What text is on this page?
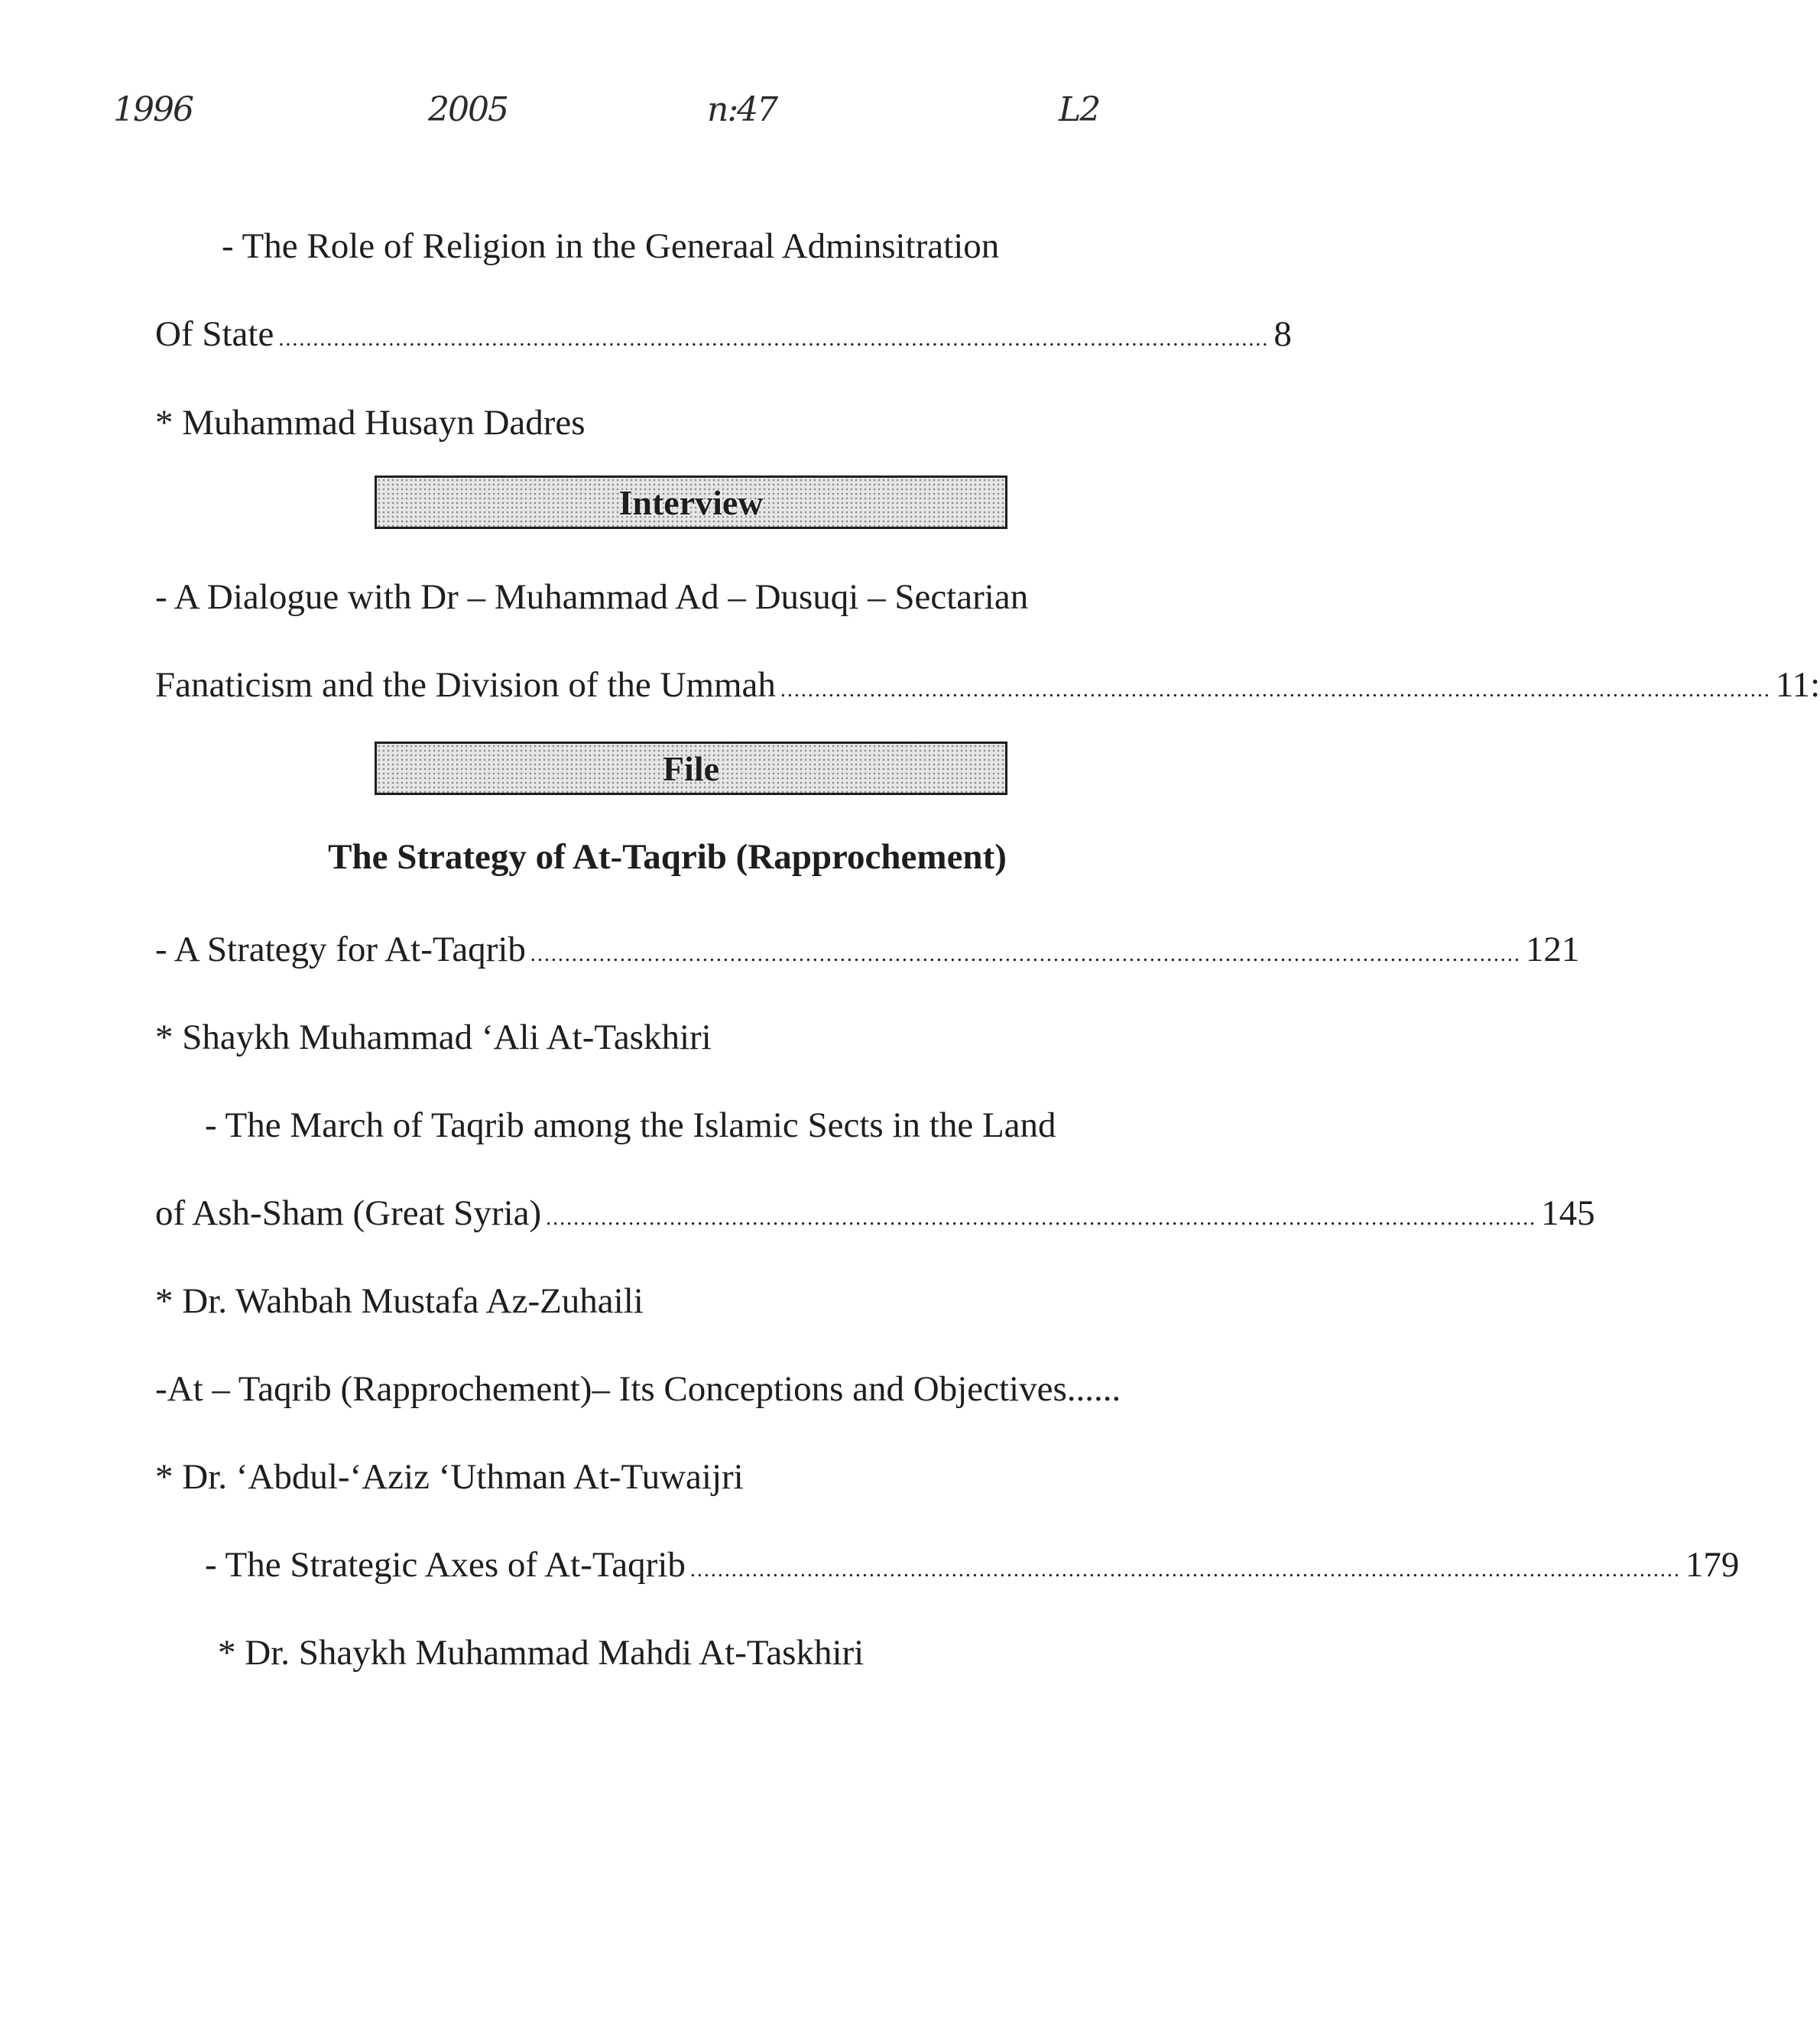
1996	2005	n:47	L2
- The Role of Religion in the Generaal Adminsitration
Of State ................................................................................................................................................ 8
* Muhammad Husayn Dadres
Interview
- A Dialogue with Dr – Muhammad Ad – Dusuqi – Sectarian
Fanaticism and the Division of the Ummah ................................................................................................................................................ 11:
File
The Strategy of At-Taqrib (Rapprochement)
- A Strategy for At-Taqrib ................................................................................................................................................ 121
* Shaykh Muhammad ‘Ali At-Taskhiri
- The March of Taqrib among the Islamic Sects in the Land
of Ash-Sham (Great Syria) ................................................................................................................................................ 145
* Dr. Wahbah Mustafa Az-Zuhaili
-At – Taqrib (Rapprochement)– Its Conceptions and Objectives......
* Dr. ‘Abdul-‘Aziz ‘Uthman At-Tuwaijri
- The Strategic Axes of At-Taqrib ................................................................................................................................................ 179
* Dr. Shaykh Muhammad Mahdi At-Taskhiri
